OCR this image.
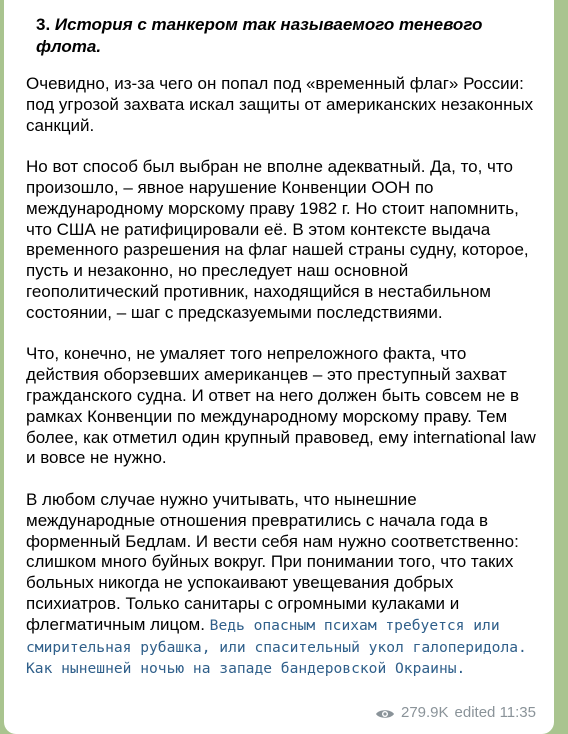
3. История с танкером так называемого теневого флота.

Очевидно, из-за чего он попал под «временный флаг» России: под угрозой захвата искал защиты от американских незаконных санкций.

Но вот способ был выбран не вполне адекватный. Да, то, что произошло, – явное нарушение Конвенции ООН по международному морскому праву 1982 г. Но стоит напомнить, что США не ратифицировали её. В этом контексте выдача временного разрешения на флаг нашей страны судну, которое, пусть и незаконно, но преследует наш основной геополитический противник, находящийся в нестабильном состоянии, – шаг с предсказуемыми последствиями.

Что, конечно, не умаляет того непреложного факта, что действия оборзевших американцев – это преступный захват гражданского судна. И ответ на него должен быть совсем не в рамках Конвенции по международному морскому праву. Тем более, как отметил один крупный правовед, ему international law и вовсе не нужно.

В любом случае нужно учитывать, что нынешние международные отношения превратились с начала года в форменный Бедлам. И вести себя нам нужно соответственно: слишком много буйных вокруг. При понимании того, что таких больных никогда не успокаивают увещевания добрых психиатров. Только санитары с огромными кулаками и флегматичным лицом. Ведь опасным психам требуется или смирительная рубашка, или спасительный укол галоперидола. Как нынешней ночью на западе бандеровской Окраины.

279.9K edited 11:35
